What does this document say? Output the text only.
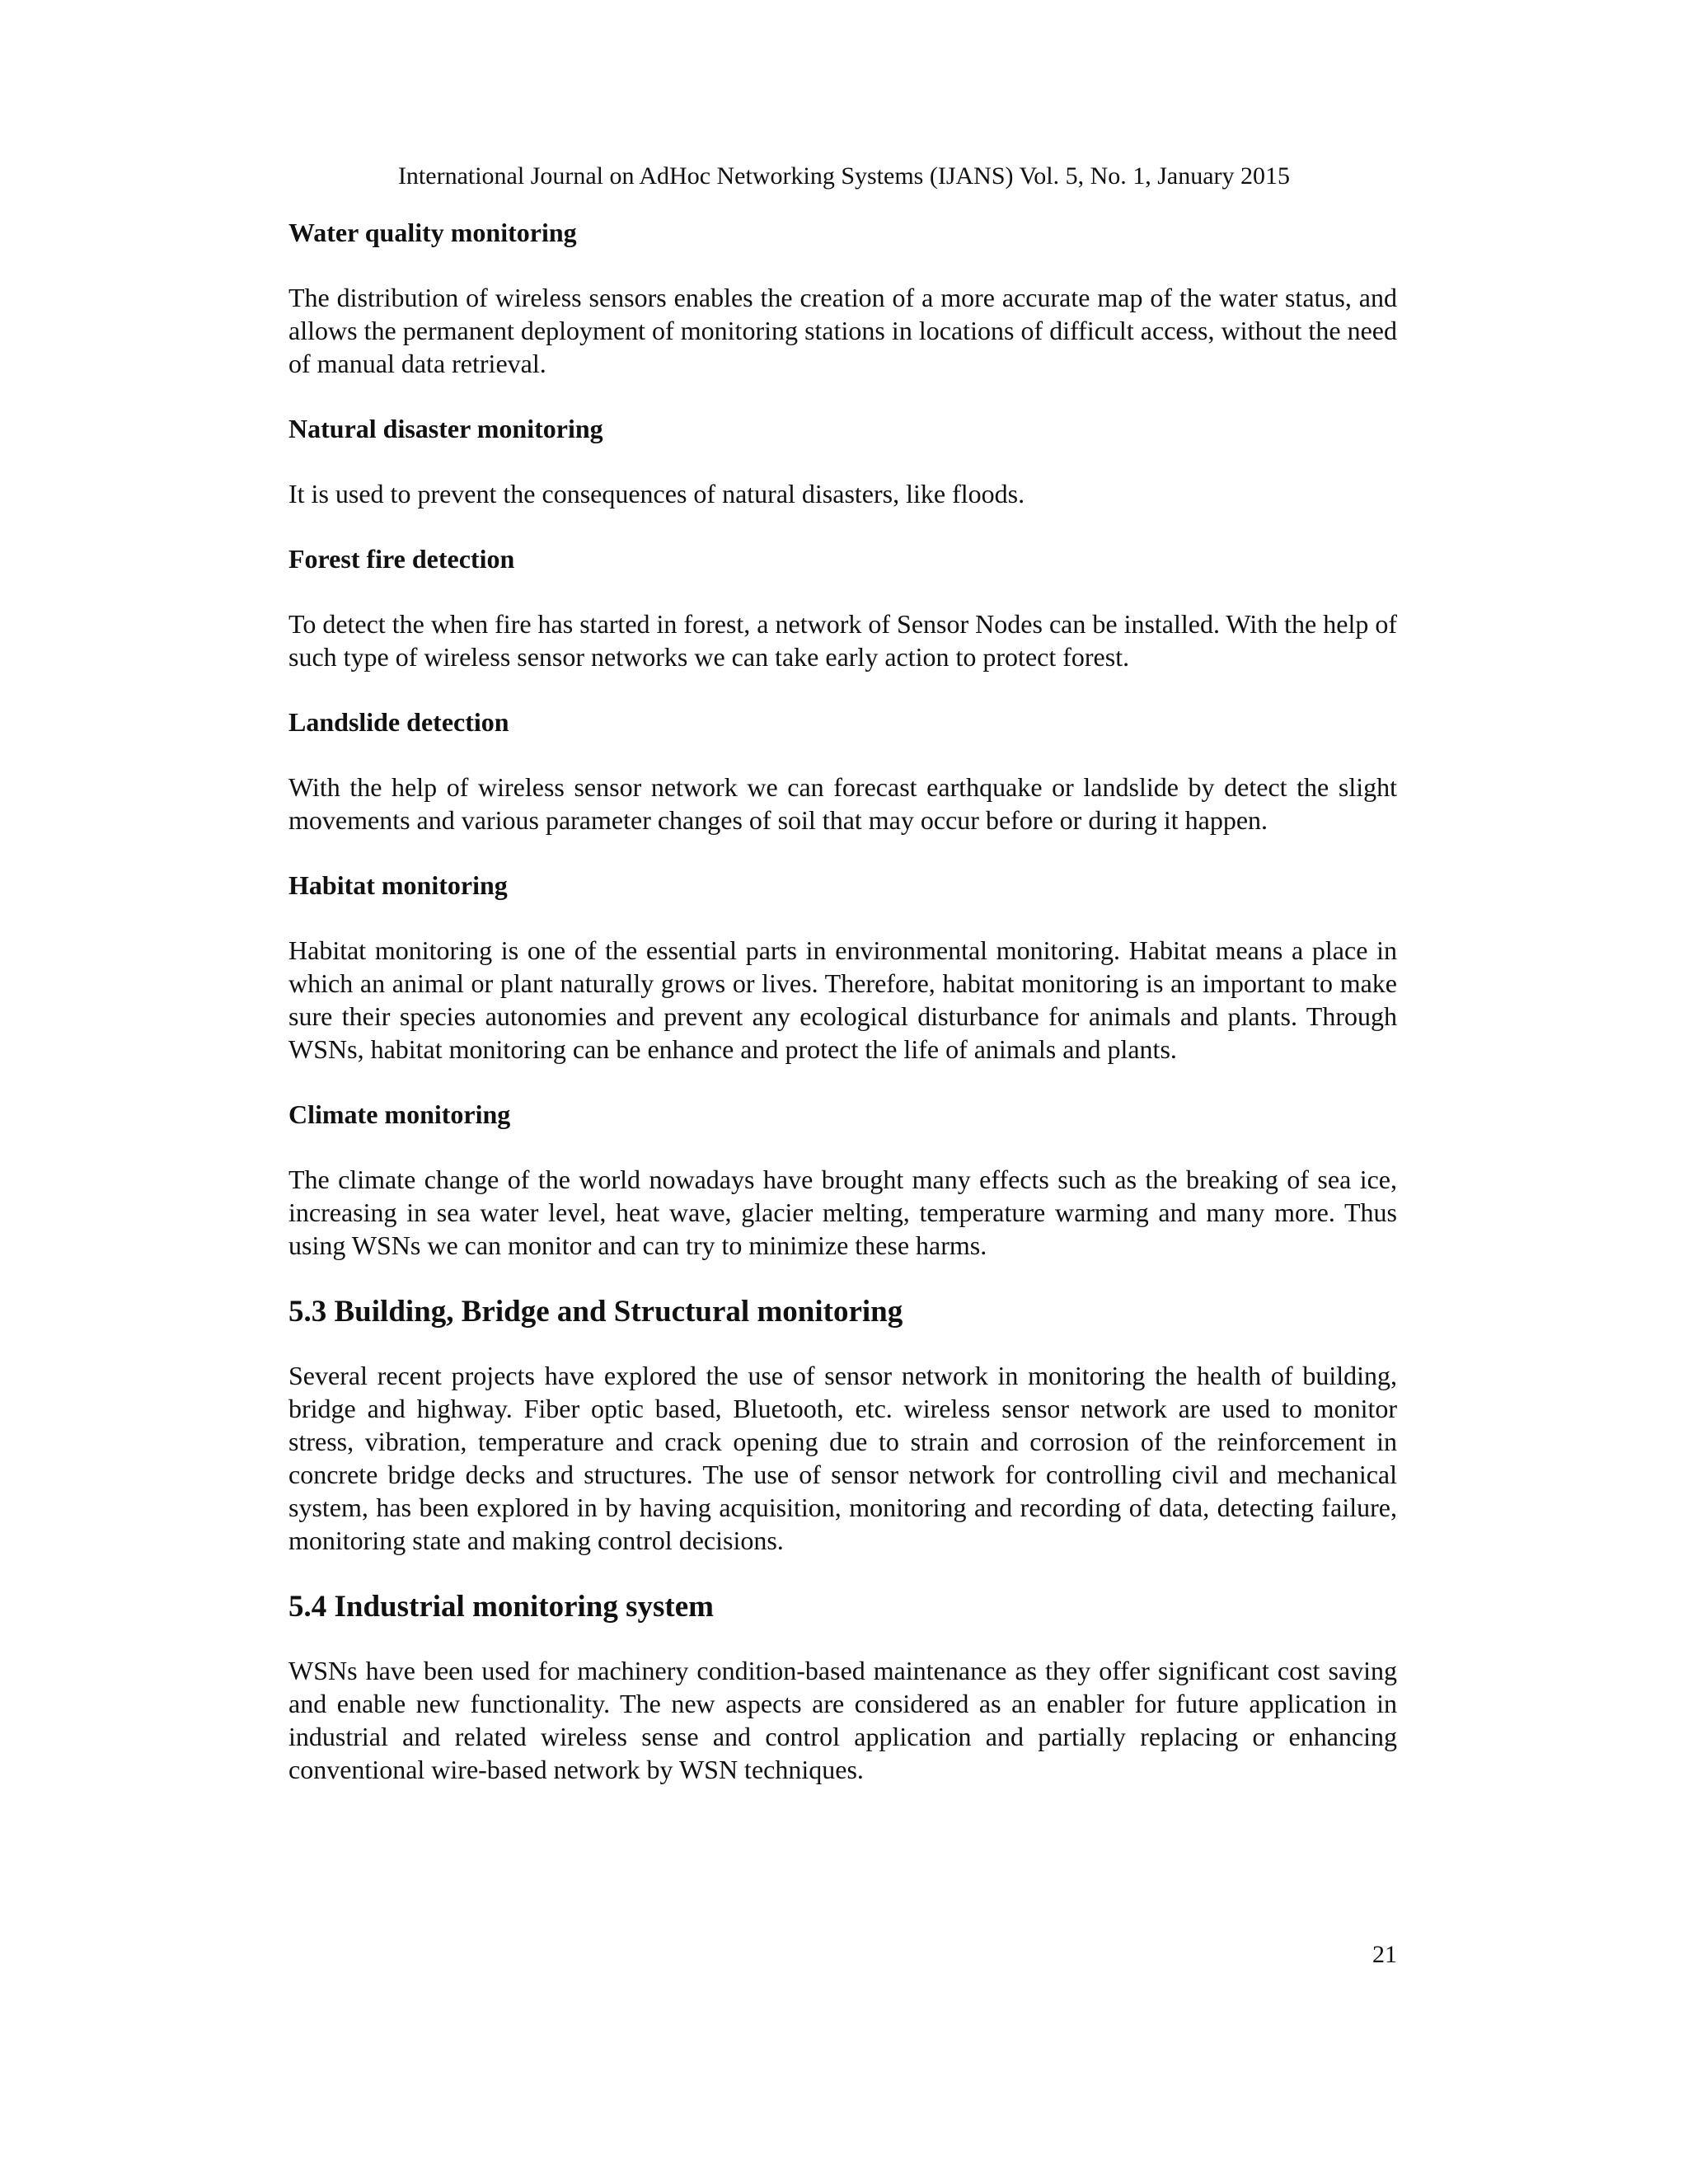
International Journal on AdHoc Networking Systems (IJANS) Vol. 5, No. 1, January 2015

Water quality monitoring

The distribution of wireless sensors enables the creation of a more accurate map of the water status, and allows the permanent deployment of monitoring stations in locations of difficult access, without the need of manual data retrieval.

Natural disaster monitoring

It is used to prevent the consequences of natural disasters, like floods.

Forest fire detection

To detect the when fire has started in forest, a network of Sensor Nodes can be installed. With the help of such type of wireless sensor networks we can take early action to protect forest.

Landslide detection

With the help of wireless sensor network we can forecast earthquake or landslide by detect the slight movements and various parameter changes of soil that may occur before or during it happen.

Habitat monitoring

Habitat monitoring is one of the essential parts in environmental monitoring. Habitat means a place in which an animal or plant naturally grows or lives. Therefore, habitat monitoring is an important to make sure their species autonomies and prevent any ecological disturbance for animals and plants. Through WSNs, habitat monitoring can be enhance and protect the life of animals and plants.

Climate monitoring

The climate change of the world nowadays have brought many effects such as the breaking of sea ice, increasing in sea water level, heat wave, glacier melting, temperature warming and many more. Thus using WSNs we can monitor and can try to minimize these harms.

5.3 Building, Bridge and Structural monitoring

Several recent projects have explored the use of sensor network in monitoring the health of building, bridge and highway. Fiber optic based, Bluetooth, etc. wireless sensor network are used to monitor stress, vibration, temperature and crack opening due to strain and corrosion of the reinforcement in concrete bridge decks and structures. The use of sensor network for controlling civil and mechanical system, has been explored in by having acquisition, monitoring and recording of data, detecting failure, monitoring state and making control decisions.

5.4 Industrial monitoring system

WSNs have been used for machinery condition-based maintenance as they offer significant cost saving and enable new functionality. The new aspects are considered as an enabler for future application in industrial and related wireless sense and control application and partially replacing or enhancing conventional wire-based network by WSN techniques.

21
